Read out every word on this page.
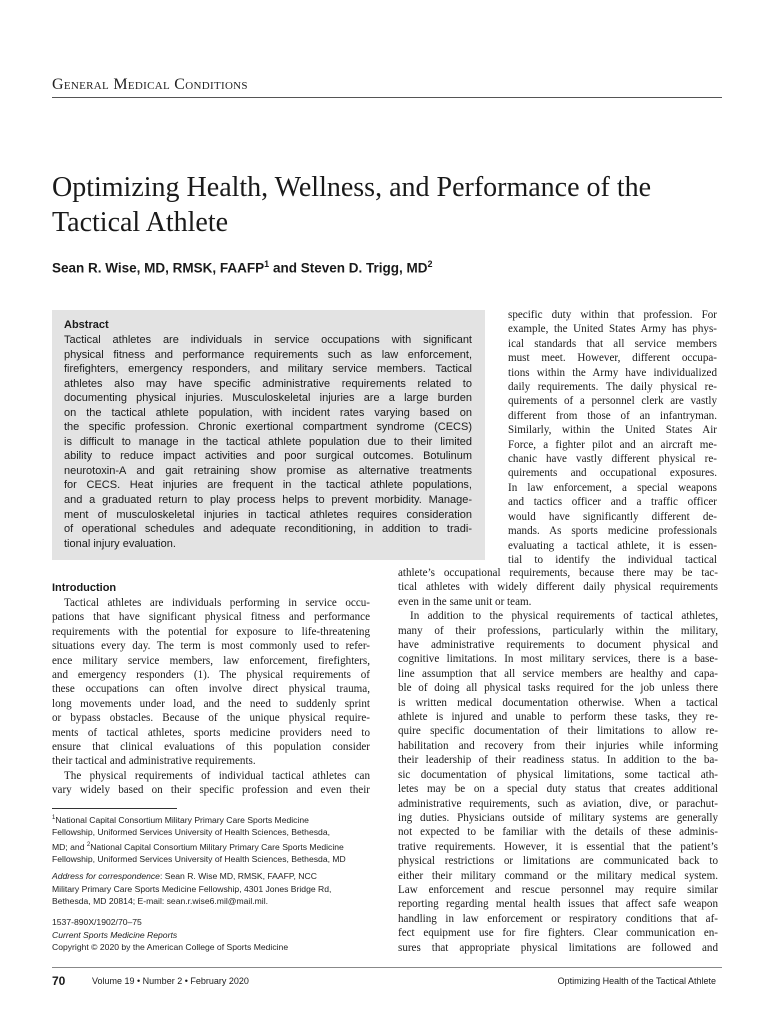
General Medical Conditions
Optimizing Health, Wellness, and Performance of the Tactical Athlete
Sean R. Wise, MD, RMSK, FAAFP$^1$ and Steven D. Trigg, $MD^2$
Abstract
Tactical athletes are individuals in service occupations with significant
physical fitness and performance requirements such as law enforcement,
firefighters, emergency responders, and military service members. Tactical
athletes also may have specific administrative requirements related to
documenting physical injuries. Musculoskeletal injuries are a large burden
on the tactical athlete population, with incident rates varying based on
the specific profession. Chronic exertional compartment syndrome (CECS)
is difficult to manage in the tactical athlete population due to their limited
ability to reduce impact activities and poor surgical outcomes. Botulinum
neurotoxin-A and gait retraining show promise as alternative treatments
for CECS. Heat injuries are frequent in the tactical athlete populations,
and a graduated return to play process helps to prevent morbidity. Manage-
ment of musculoskeletal injuries in tactical athletes requires consideration
of operational schedules and adequate reconditioning, in addition to tradi-
tional injury evaluation.
specific duty within that profession. For
example, the United States Army has phys-
ical standards that all service members
must meet. However, different occupa-
tions within the Army have individualized
daily requirements. The daily physical re-
quirements of a personnel clerk are vastly
different from those of an infantryman.
Similarly, within the United States Air
Force, a fighter pilot and an aircraft me-
chanic have vastly different physical re-
quirements and occupational exposures.
In law enforcement, a special weapons
and tactics officer and a traffic officer
would have significantly different de-
mands. As sports medicine professionals
evaluating a tactical athlete, it is essen-
tial to identify the individual tactical
athlete’s occupational requirements, because there may be tac-
tical athletes with widely different daily physical requirements
even in the same unit or team.
In addition to the physical requirements of tactical athletes,
many of their professions, particularly within the military,
have administrative requirements to document physical and
cognitive limitations. In most military services, there is a base-
line assumption that all service members are healthy and capa-
ble of doing all physical tasks required for the job unless there
is written medical documentation otherwise. When a tactical
athlete is injured and unable to perform these tasks, they re-
quire specific documentation of their limitations to allow re-
habilitation and recovery from their injuries while informing
their leadership of their readiness status. In addition to the ba-
sic documentation of physical limitations, some tactical ath-
letes may be on a special duty status that creates additional
administrative requirements, such as aviation, dive, or parachut-
ing duties. Physicians outside of military systems are generally
not expected to be familiar with the details of these adminis-
trative requirements. However, it is essential that the patient’s
physical restrictions or limitations are communicated back to
either their military command or the military medical system.
Law enforcement and rescue personnel may require similar
reporting regarding mental health issues that affect safe weapon
handling in law enforcement or respiratory conditions that af-
fect equipment use for fire fighters. Clear communication en-
sures that appropriate physical limitations are followed and
Introduction
Tactical athletes are individuals performing in service occu-
pations that have significant physical fitness and performance
requirements with the potential for exposure to life-threatening
situations every day. The term is most commonly used to refer-
ence military service members, law enforcement, firefighters,
and emergency responders (1). The physical requirements of
these occupations can often involve direct physical trauma,
long movements under load, and the need to suddenly sprint
or bypass obstacles. Because of the unique physical require-
ments of tactical athletes, sports medicine providers need to
ensure that clinical evaluations of this population consider
their tactical and administrative requirements.
The physical requirements of individual tactical athletes can
vary widely based on their specific profession and even their
$^1$National Capital Consortium Military Primary Care Sports Medicine
Fellowship, Uniformed Services University of Health Sciences, Bethesda,
MD; and $^2$National Capital Consortium Military Primary Care Sports Medicine
Fellowship, Uniformed Services University of Health Sciences, Bethesda, MD
Address for correspondence: Sean R. Wise MD, RMSK, FAAFP, NCC
Military Primary Care Sports Medicine Fellowship, 4301 Jones Bridge Rd,
Bethesda, MD 20814; E-mail: sean.r.wise6.mil@mail.mil.
1537-890X/1902/70–75
Current Sports Medicine Reports
Copyright © 2020 by the American College of Sports Medicine
70	Volume 19 • Number 2 • February 2020	Optimizing Health of the Tactical Athlete
